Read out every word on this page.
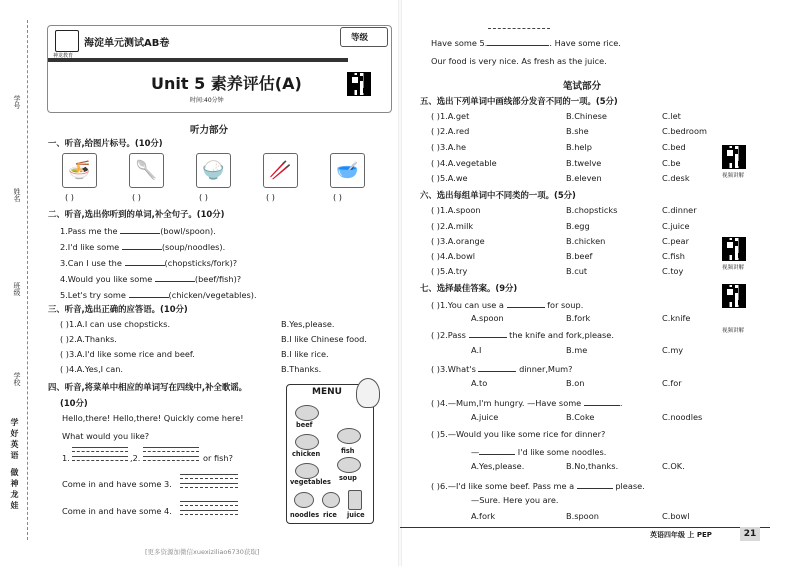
学号
姓名
班级
学校
学好英语 做神龙娃
神龙教育
海淀单元测试AB卷	等级
Unit 5 素养评估(A)
时间:40分钟
听力部分
一、听音,给图片标号。(10分)
🍜 🥄 🍚 🥢 🥣
( )	( )	( )	( )	( )
二、听音,选出你听到的单词,补全句子。(10分)
1.Pass me the	(bowl/spoon).
2.I'd like some	(soup/noodles).
3.Can I use the	(chopsticks/fork)?
4.Would you like some	(beef/fish)?
5.Let's try some	(chicken/vegetables).
三、听音,选出正确的应答语。(10分)
( )1.A.I can use chopsticks.	B.Yes,please.
( )2.A.Thanks.	B.I like Chinese food.
( )3.A.I'd like some rice and beef.	B.I like rice.
( )4.A.Yes,I can.	B.Thanks.
四、听音,将菜单中相应的单词写在四线中,补全歌谣。
(10分)
Hello,there! Hello,there! Quickly come here!
What would you like?
1.	,2.	or fish?
Come in and have some 3.
Come in and have some 4.
MENU
beef
fish
chicken
soup
vegetables
noodles rice juice
[更多资源加微信xuexiziliao6730获取]
Have some 5.	. Have some rice.
Our food is very nice. As fresh as the juice.
笔试部分
五、选出下列单词中画线部分发音不同的一项。(5分)
( )1.A.get	B.Chinese	C.let
( )2.A.red	B.she	C.bedroom
( )3.A.he	B.help	C.bed
( )4.A.vegetable	B.twelve	C.be
( )5.A.we	B.eleven	C.desk	视频讲解
六、选出每组单词中不同类的一项。(5分)
( )1.A.spoon	B.chopsticks	C.dinner
( )2.A.milk	B.egg	C.juice
( )3.A.orange	B.chicken	C.pear
( )4.A.bowl	B.beef	C.fish
( )5.A.try	B.cut	C.toy	视频讲解
七、选择最佳答案。(9分)
( )1.You can use a	for soup.
A.spoon	B.fork	C.knife
视频讲解
( )2.Pass	the knife and fork,please.
A.I	B.me	C.my
( )3.What's	dinner,Mum?
A.to	B.on	C.for
( )4.—Mum,I'm hungry. —Have some	.
A.juice	B.Coke	C.noodles
( )5.—Would you like some rice for dinner?
—	I'd like some noodles.
A.Yes,please.	B.No,thanks.	C.OK.
( )6.—I'd like some beef. Pass me a	please.
—Sure. Here you are.
A.fork	B.spoon	C.bowl
英语四年级 上 PEP	21
